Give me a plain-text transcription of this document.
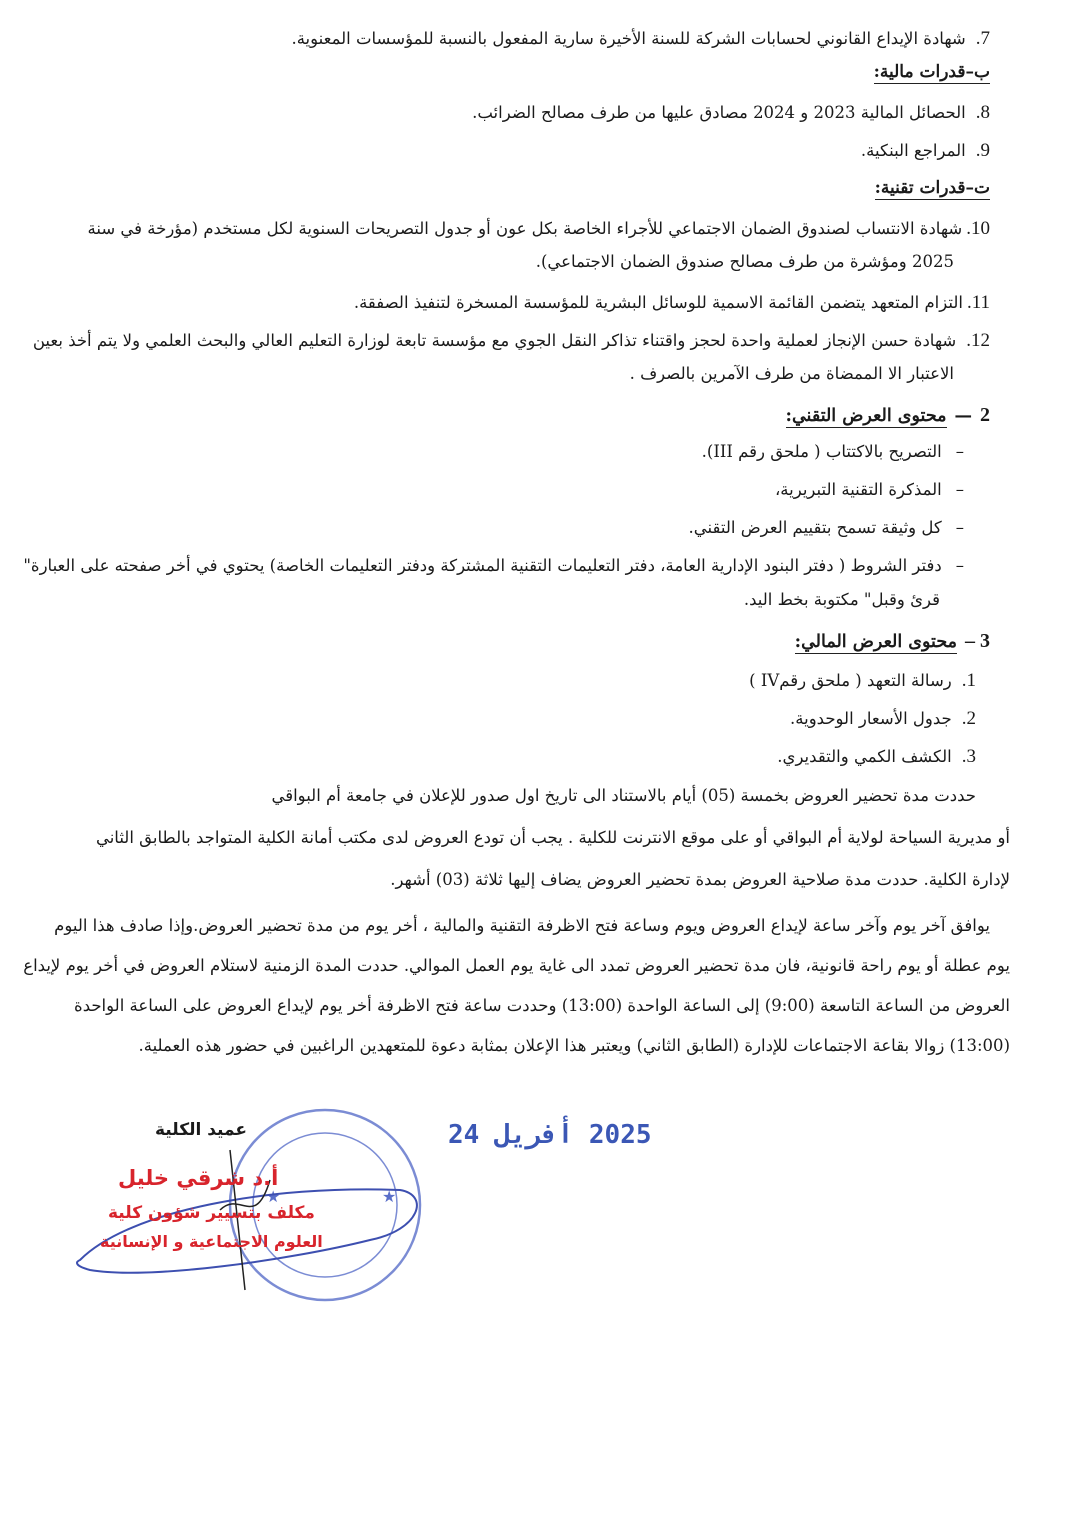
7.شهادة الإيداع القانوني لحسابات الشركة للسنة الأخيرة سارية المفعول بالنسبة للمؤسسات المعنوية.

ب–قدرات مالية:

8.الحصائل المالية 2023 و 2024 مصادق عليها من طرف مصالح الضرائب.

9.المراجع البنكية.

ت–قدرات تقنية:

10.شهادة الانتساب لصندوق الضمان الاجتماعي للأجراء الخاصة بكل عون أو جدول التصريحات السنوية لكل مستخدم (مؤرخة في سنة

2025 ومؤشرة من طرف مصالح صندوق الضمان الاجتماعي).

11.التزام المتعهد يتضمن القائمة الاسمية للوسائل البشرية للمؤسسة المسخرة لتنفيذ الصفقة.

12.شهادة حسن الإنجاز لعملية واحدة لحجز واقتناء تذاكر النقل الجوي مع مؤسسة تابعة لوزارة التعليم العالي والبحث العلمي ولا يتم أخذ بعين

الاعتبار الا الممضاة من طرف الآمرين بالصرف .

2—محتوى العرض التقني:

–التصريح بالاكتتاب ( ملحق رقم III).

–المذكرة التقنية التبريرية،

–كل وثيقة تسمح بتقييم العرض التقني.

–دفتر الشروط ( دفتر البنود الإدارية العامة، دفتر التعليمات التقنية المشتركة ودفتر التعليمات الخاصة) يحتوي في أخر صفحته على العبارة"

قرئ وقبل" مكتوبة بخط اليد.

3 –محتوى العرض المالي:

1.رسالة التعهد ( ملحق رقمIV )

2.جدول الأسعار الوحدوية.

3.الكشف الكمي والتقديري.

حددت مدة تحضير العروض بخمسة (05) أيام بالاستناد الى تاريخ اول صدور للإعلان في جامعة أم البواقي

أو مديرية السياحة لولاية أم البواقي أو على موقع الانترنت للكلية . يجب أن تودع العروض لدى مكتب أمانة الكلية المتواجد بالطابق الثاني

لإدارة الكلية. حددت مدة صلاحية العروض بمدة تحضير العروض يضاف إليها ثلاثة (03) أشهر.

يوافق آخر يوم وآخر ساعة لإيداع العروض ويوم وساعة فتح الاظرفة التقنية والمالية ، أخر يوم من مدة تحضير العروض.وإذا صادف هذا اليوم

يوم عطلة أو يوم راحة قانونية، فان مدة تحضير العروض تمدد الى غاية يوم العمل الموالي. حددت المدة الزمنية لاستلام العروض في أخر يوم لإيداع

العروض من الساعة التاسعة (9:00) إلى الساعة الواحدة (13:00) وحددت ساعة فتح الاظرفة أخر يوم لإيداع العروض على الساعة الواحدة

(13:00) زوالا بقاعة الاجتماعات للإدارة (الطابق الثاني) ويعتبر هذا الإعلان بمثابة دعوة للمتعهدين الراغبين في حضور هذه العملية.

★
★
أ.د شرقي خليل
مكلف بتسيير شؤون كلية
العلوم الاجتماعية و الإنسانية
عميد الكلية	2025 أفريل 24
